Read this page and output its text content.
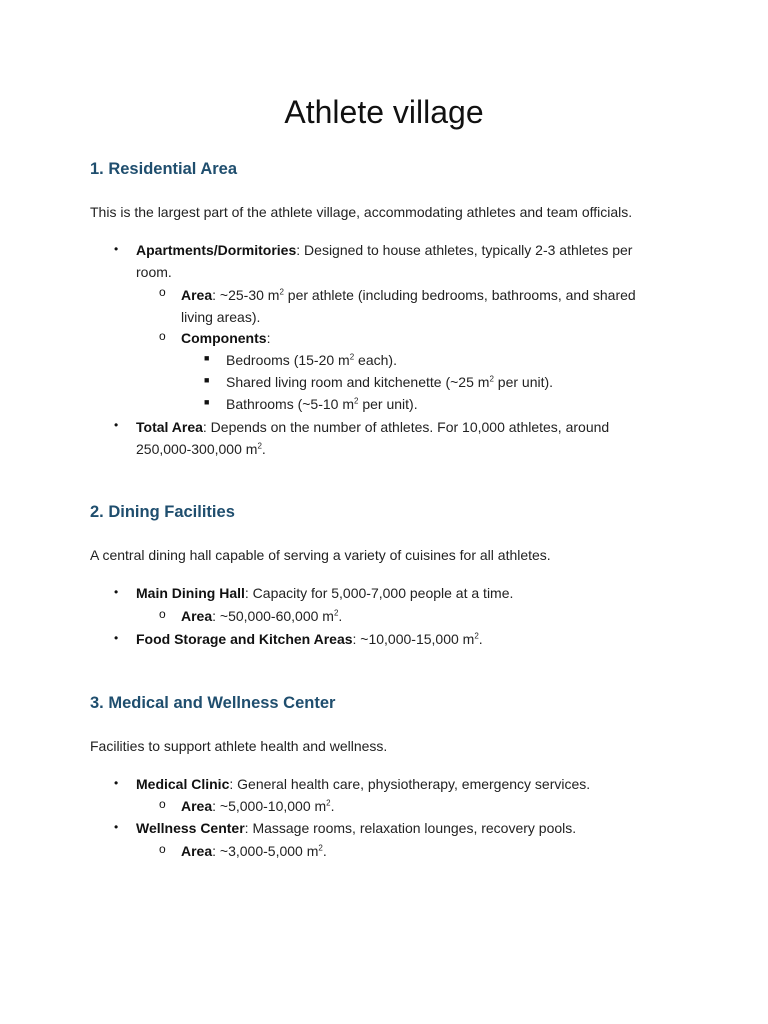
Athlete village
1. Residential Area

This is the largest part of the athlete village, accommodating athletes and team officials.

• Apartments/Dormitories: Designed to house athletes, typically 2-3 athletes per

room.

o Area: ~25-30 $m^2$ per athlete (including bedrooms, bathrooms, and shared

living areas).

o Components:

■ Bedrooms (15-20 $m^2$ each).

■ Shared living room and kitchenette (~25 $m^2$ per unit).

■ Bathrooms (~5-10 $m^2$ per unit).

• Total Area: Depends on the number of athletes. For 10,000 athletes, around

250,000-300,000 $m^2$.

2. Dining Facilities

A central dining hall capable of serving a variety of cuisines for all athletes.

• Main Dining Hall: Capacity for 5,000-7,000 people at a time.

o Area: ~50,000-60,000 $m^2$.

• Food Storage and Kitchen Areas: ~10,000-15,000 $m^2$.

3. Medical and Wellness Center

Facilities to support athlete health and wellness.

• Medical Clinic: General health care, physiotherapy, emergency services.

o Area: ~5,000-10,000 $m^2$.

• Wellness Center: Massage rooms, relaxation lounges, recovery pools.

o Area: ~3,000-5,000 $m^2$.
